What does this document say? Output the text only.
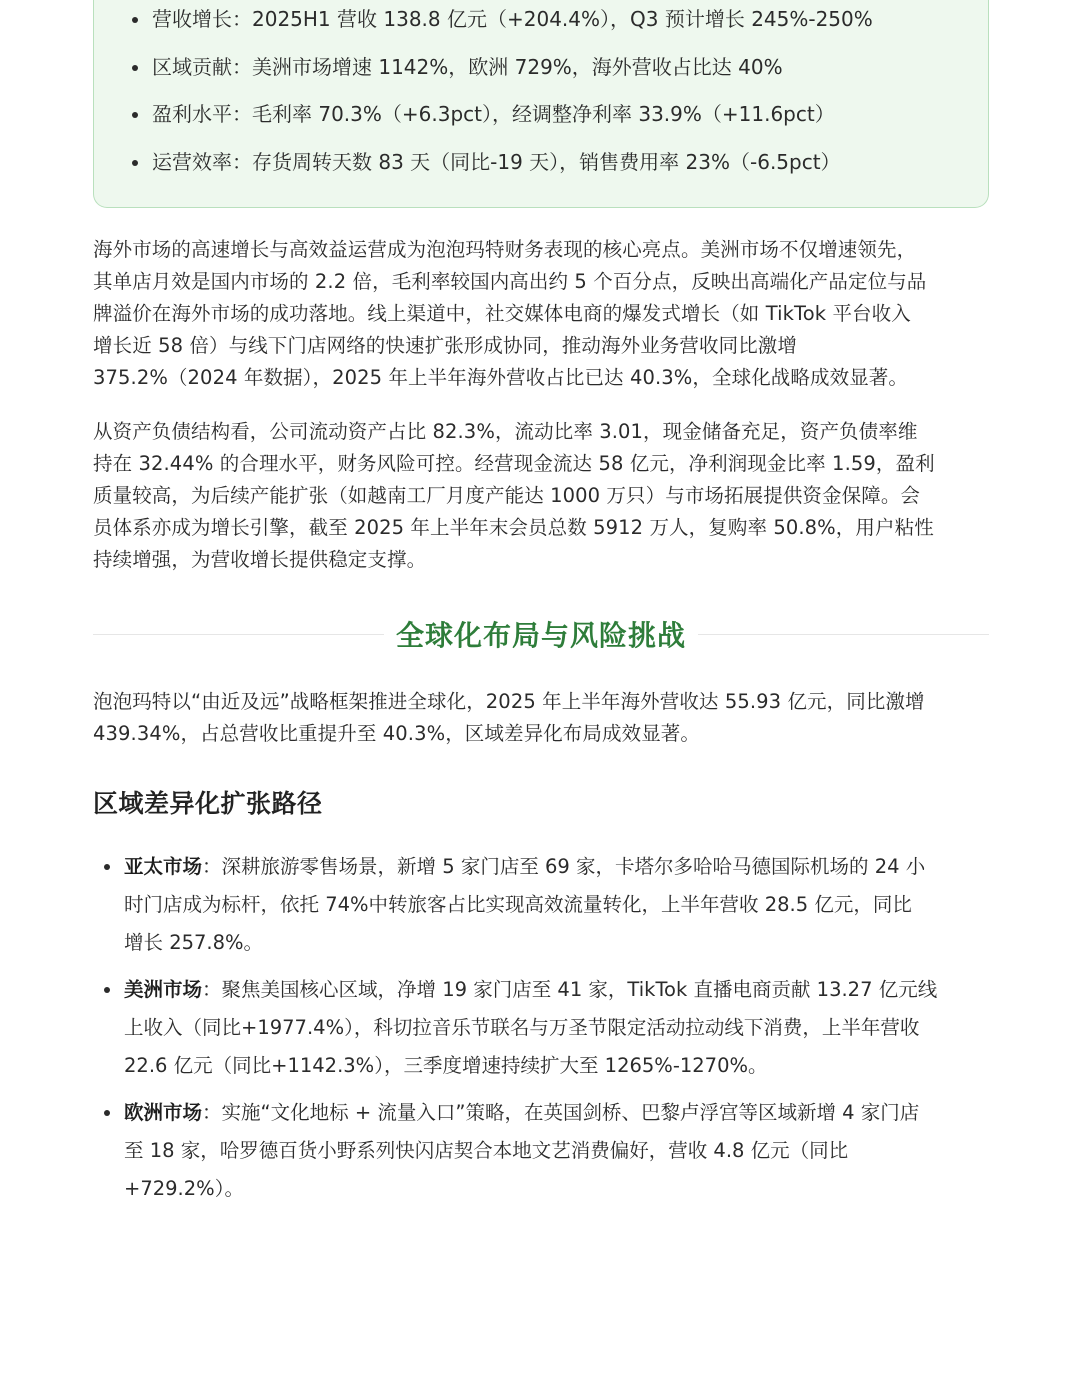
营收增长：2025H1 营收 138.8 亿元（+204.4%），Q3 预计增长 245%-250%
区域贡献：美洲市场增速 1142%，欧洲 729%，海外营收占比达 40%
盈利水平：毛利率 70.3%（+6.3pct），经调整净利率 33.9%（+11.6pct）
运营效率：存货周转天数 83 天（同比-19 天），销售费用率 23%（-6.5pct）

海外市场的高速增长与高效益运营成为泡泡玛特财务表现的核心亮点。美洲市场不仅增速领先，
其单店月效是国内市场的 2.2 倍，毛利率较国内高出约 5 个百分点，反映出高端化产品定位与品
牌溢价在海外市场的成功落地。线上渠道中，社交媒体电商的爆发式增长（如 TikTok 平台收入
增长近 58 倍）与线下门店网络的快速扩张形成协同，推动海外业务营收同比激增
375.2%（2024 年数据），2025 年上半年海外营收占比已达 40.3%，全球化战略成效显著。

从资产负债结构看，公司流动资产占比 82.3%，流动比率 3.01，现金储备充足，资产负债率维
持在 32.44% 的合理水平，财务风险可控。经营现金流达 58 亿元，净利润现金比率 1.59，盈利
质量较高，为后续产能扩张（如越南工厂月度产能达 1000 万只）与市场拓展提供资金保障。会
员体系亦成为增长引擎，截至 2025 年上半年末会员总数 5912 万人，复购率 50.8%，用户粘性
持续增强，为营收增长提供稳定支撑。

全球化布局与风险挑战

泡泡玛特以“由近及远”战略框架推进全球化，2025 年上半年海外营收达 55.93 亿元，同比激增
439.34%，占总营收比重提升至 40.3%，区域差异化布局成效显著。

区域差异化扩张路径
亚太市场：深耕旅游零售场景，新增 5 家门店至 69 家，卡塔尔多哈哈马德国际机场的 24 小
时门店成为标杆，依托 74%中转旅客占比实现高效流量转化，上半年营收 28.5 亿元，同比
增长 257.8%。
美洲市场：聚焦美国核心区域，净增 19 家门店至 41 家，TikTok 直播电商贡献 13.27 亿元线
上收入（同比+1977.4%），科切拉音乐节联名与万圣节限定活动拉动线下消费，上半年营收
22.6 亿元（同比+1142.3%），三季度增速持续扩大至 1265%-1270%。
欧洲市场：实施“文化地标 + 流量入口”策略，在英国剑桥、巴黎卢浮宫等区域新增 4 家门店
至 18 家，哈罗德百货小野系列快闪店契合本地文艺消费偏好，营收 4.8 亿元（同比
+729.2%）。
